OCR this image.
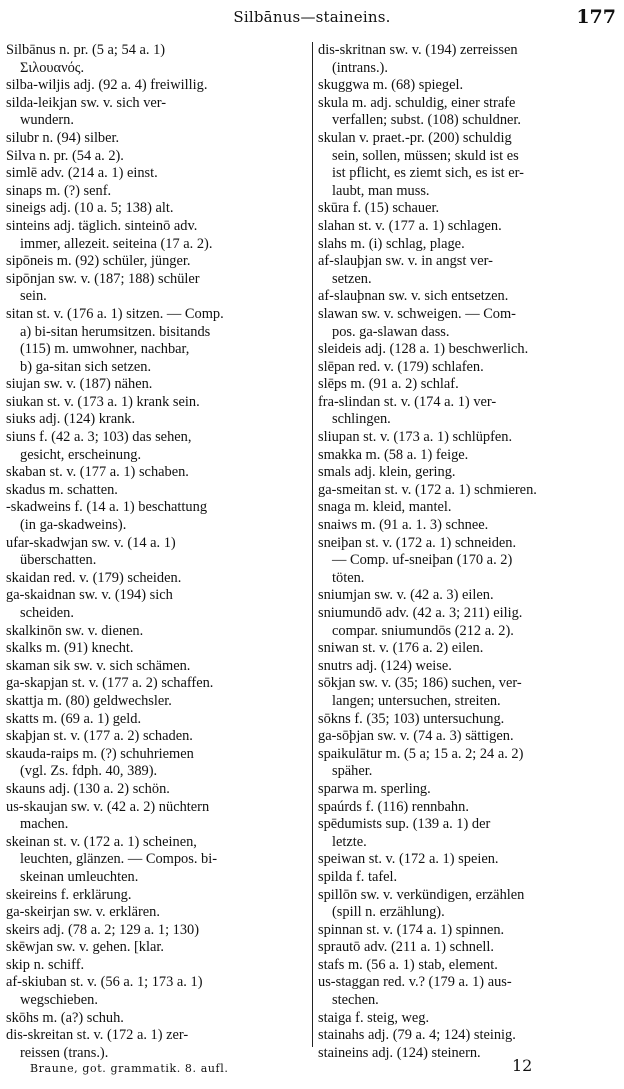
Silbānus—staineins.	177
Silbānus n. pr. (5 a; 54 a. 1)
Σιλουανός.
silba-wiljis adj. (92 a. 4) freiwillig.
silda-leikjan sw. v. sich ver-
wundern.
silubr n. (94) silber.
Silva n. pr. (54 a. 2).
simlē adv. (214 a. 1) einst.
sinaps m. (?) senf.
sineigs adj. (10 a. 5; 138) alt.
sinteins adj. täglich. sinteinō adv.
immer, allezeit. seiteina (17 a. 2).
sipōneis m. (92) schüler, jünger.
sipōnjan sw. v. (187; 188) schüler
sein.
sitan st. v. (176 a. 1) sitzen. — Comp.
a) bi-sitan herumsitzen. bisitands
(115) m. umwohner, nachbar,
b) ga-sitan sich setzen.
siujan sw. v. (187) nähen.
siukan st. v. (173 a. 1) krank sein.
siuks adj. (124) krank.
siuns f. (42 a. 3; 103) das sehen,
gesicht, erscheinung.
skaban st. v. (177 a. 1) schaben.
skadus m. schatten.
-skadweins f. (14 a. 1) beschattung
(in ga-skadweins).
ufar-skadwjan sw. v. (14 a. 1)
überschatten.
skaidan red. v. (179) scheiden.
ga-skaidnan sw. v. (194) sich
scheiden.
skalkinōn sw. v. dienen.
skalks m. (91) knecht.
skaman sik sw. v. sich schämen.
ga-skapjan st. v. (177 a. 2) schaffen.
skattja m. (80) geldwechsler.
skatts m. (69 a. 1) geld.
skaþjan st. v. (177 a. 2) schaden.
skauda-raips m. (?) schuhriemen
(vgl. Zs. fdph. 40, 389).
skauns adj. (130 a. 2) schön.
us-skaujan sw. v. (42 a. 2) nüchtern
machen.
skeinan st. v. (172 a. 1) scheinen,
leuchten, glänzen. — Compos. bi-
skeinan umleuchten.
skeireins f. erklärung.
ga-skeirjan sw. v. erklären.
skeirs adj. (78 a. 2; 129 a. 1; 130)
skēwjan sw. v. gehen. [klar.
skip n. schiff.
af-skiuban st. v. (56 a. 1; 173 a. 1)
wegschieben.
skōhs m. (a?) schuh.
dis-skreitan st. v. (172 a. 1) zer-
reissen (trans.).
dis-skritnan sw. v. (194) zerreissen
(intrans.).
skuggwa m. (68) spiegel.
skula m. adj. schuldig, einer strafe
verfallen; subst. (108) schuldner.
skulan v. praet.-pr. (200) schuldig
sein, sollen, müssen; skuld ist es
ist pflicht, es ziemt sich, es ist er-
laubt, man muss.
skūra f. (15) schauer.
slahan st. v. (177 a. 1) schlagen.
slahs m. (i) schlag, plage.
af-slauþjan sw. v. in angst ver-
setzen.
af-slauþnan sw. v. sich entsetzen.
slawan sw. v. schweigen. — Com-
pos. ga-slawan dass.
sleideis adj. (128 a. 1) beschwerlich.
slēpan red. v. (179) schlafen.
slēps m. (91 a. 2) schlaf.
fra-slindan st. v. (174 a. 1) ver-
schlingen.
sliupan st. v. (173 a. 1) schlüpfen.
smakka m. (58 a. 1) feige.
smals adj. klein, gering.
ga-smeitan st. v. (172 a. 1) schmieren.
snaga m. kleid, mantel.
snaiws m. (91 a. 1. 3) schnee.
sneiþan st. v. (172 a. 1) schneiden.
— Comp. uf-sneiþan (170 a. 2)
töten.
sniumjan sw. v. (42 a. 3) eilen.
sniumundō adv. (42 a. 3; 211) eilig.
compar. sniumundōs (212 a. 2).
sniwan st. v. (176 a. 2) eilen.
snutrs adj. (124) weise.
sōkjan sw. v. (35; 186) suchen, ver-
langen; untersuchen, streiten.
sōkns f. (35; 103) untersuchung.
ga-sōþjan sw. v. (74 a. 3) sättigen.
spaikulātur m. (5 a; 15 a. 2; 24 a. 2)
späher.
sparwa m. sperling.
spaúrds f. (116) rennbahn.
spēdumists sup. (139 a. 1) der
letzte.
speiwan st. v. (172 a. 1) speien.
spilda f. tafel.
spillōn sw. v. verkündigen, erzählen
(spill n. erzählung).
spinnan st. v. (174 a. 1) spinnen.
sprautō adv. (211 a. 1) schnell.
stafs m. (56 a. 1) stab, element.
us-staggan red. v.? (179 a. 1) aus-
stechen.
staiga f. steig, weg.
stainahs adj. (79 a. 4; 124) steinig.
staineins adj. (124) steinern.
Braune, got. grammatik. 8. aufl.	12
